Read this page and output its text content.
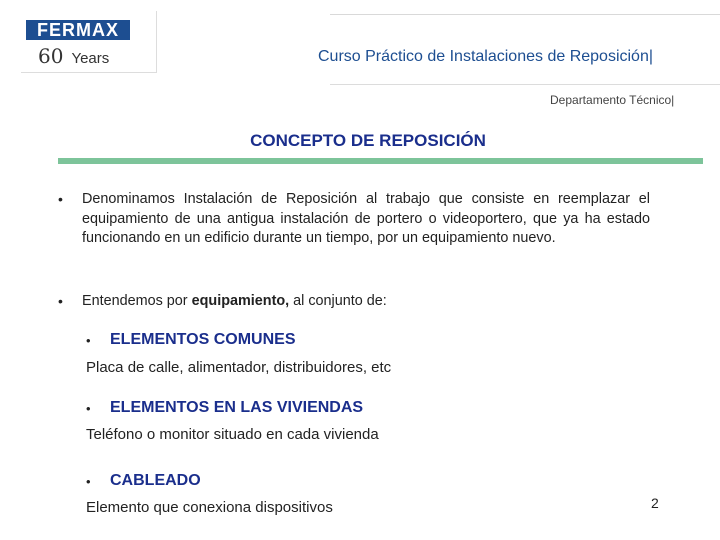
FERMAX
60 Years	Curso Práctico de Instalaciones de Reposición|
Departamento Técnico|
CONCEPTO DE REPOSICIÓN
• Denominamos Instalación de Reposición al trabajo que consiste en reemplazar el equipamiento de una antigua instalación de portero o videoportero, que ya ha estado funcionando en un edificio durante un tiempo, por un equipamiento nuevo.
• Entendemos por equipamiento, al conjunto de:
• ELEMENTOS COMUNES
Placa de calle, alimentador, distribuidores, etc
• ELEMENTOS EN LAS VIVIENDAS
Teléfono o monitor situado en cada vivienda
• CABLEADO
Elemento que conexiona dispositivos	2
